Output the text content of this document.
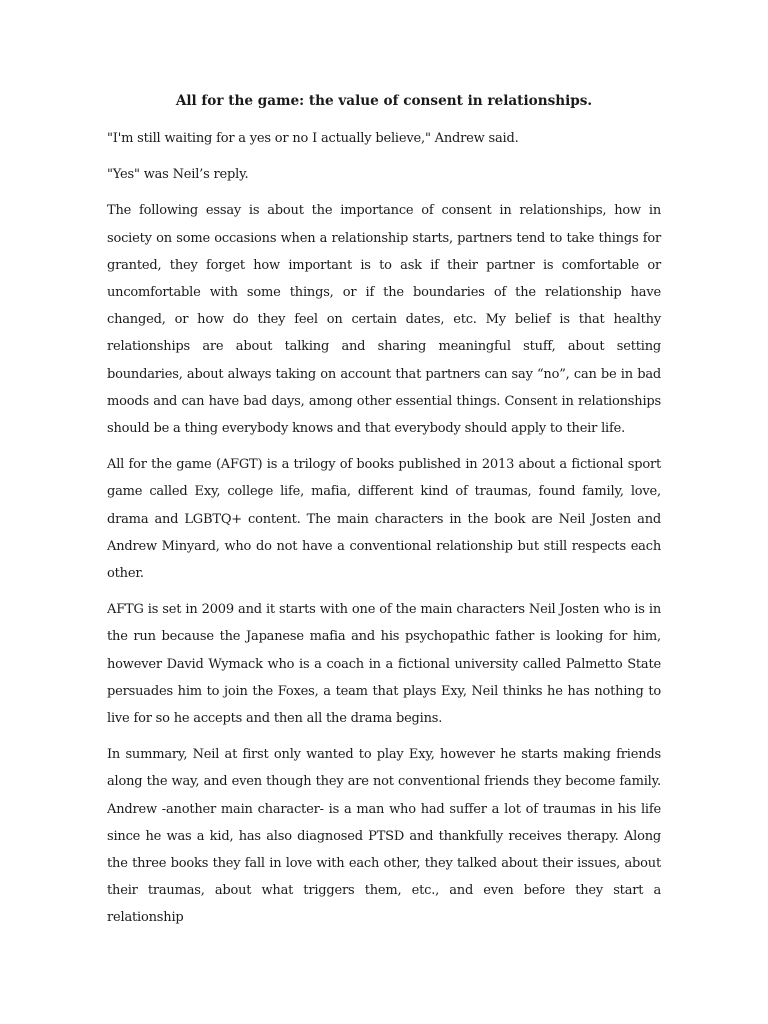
All for the game: the value of consent in relationships.

"I'm still waiting for a yes or no I actually believe," Andrew said.

"Yes" was Neil’s reply.

The following essay is about the importance of consent in relationships, how in society on some occasions when a relationship starts, partners tend to take things for granted, they forget how important is to ask if their partner is comfortable or uncomfortable with some things, or if the boundaries of the relationship have changed, or how do they feel on certain dates, etc. My belief is that healthy relationships are about talking and sharing meaningful stuff, about setting boundaries, about always taking on account that partners can say “no”, can be in bad moods and can have bad days, among other essential things. Consent in relationships should be a thing everybody knows and that everybody should apply to their life.

All for the game (AFGT) is a trilogy of books published in 2013 about a fictional sport game called Exy, college life, mafia, different kind of traumas, found family, love, drama and LGBTQ+ content. The main characters in the book are Neil Josten and Andrew Minyard, who do not have a conventional relationship but still respects each other.

AFTG is set in 2009 and it starts with one of the main characters Neil Josten who is in the run because the Japanese mafia and his psychopathic father is looking for him, however David Wymack who is a coach in a fictional university called Palmetto State persuades him to join the Foxes, a team that plays Exy, Neil thinks he has nothing to live for so he accepts and then all the drama begins.

In summary, Neil at first only wanted to play Exy, however he starts making friends along the way, and even though they are not conventional friends they become family. Andrew -another main character- is a man who had suffer a lot of traumas in his life since he was a kid, has also diagnosed PTSD and thankfully receives therapy. Along the three books they fall in love with each other, they talked about their issues, about their traumas, about what triggers them, etc., and even before they start a relationship
